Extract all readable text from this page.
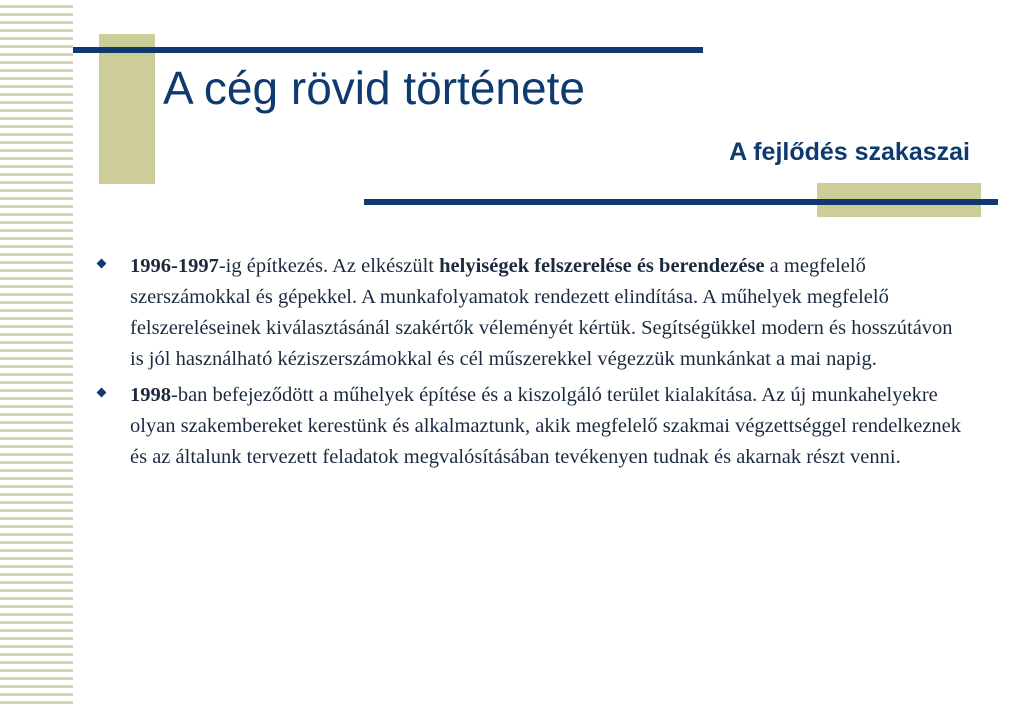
A cég rövid története
A fejlődés szakaszai
1996-1997-ig építkezés. Az elkészült helyiségek felszerelése és berendezése a megfelelő szerszámokkal és gépekkel. A munkafolyamatok rendezett elindítása. A műhelyek megfelelő felszereléseinek kiválasztásánál szakértők véleményét kértük. Segítségükkel modern és hosszútávon is jól használható kéziszerszámokkal és cél műszerekkel végezzük munkánkat a mai napig.
1998-ban befejeződött a műhelyek építése és a kiszolgáló terület kialakítása. Az új munkahelyekre olyan szakembereket kerestünk és alkalmaztunk, akik megfelelő szakmai végzettséggel rendelkeznek és az általunk tervezett feladatok megvalósításában tevékenyen tudnak és akarnak részt venni.
